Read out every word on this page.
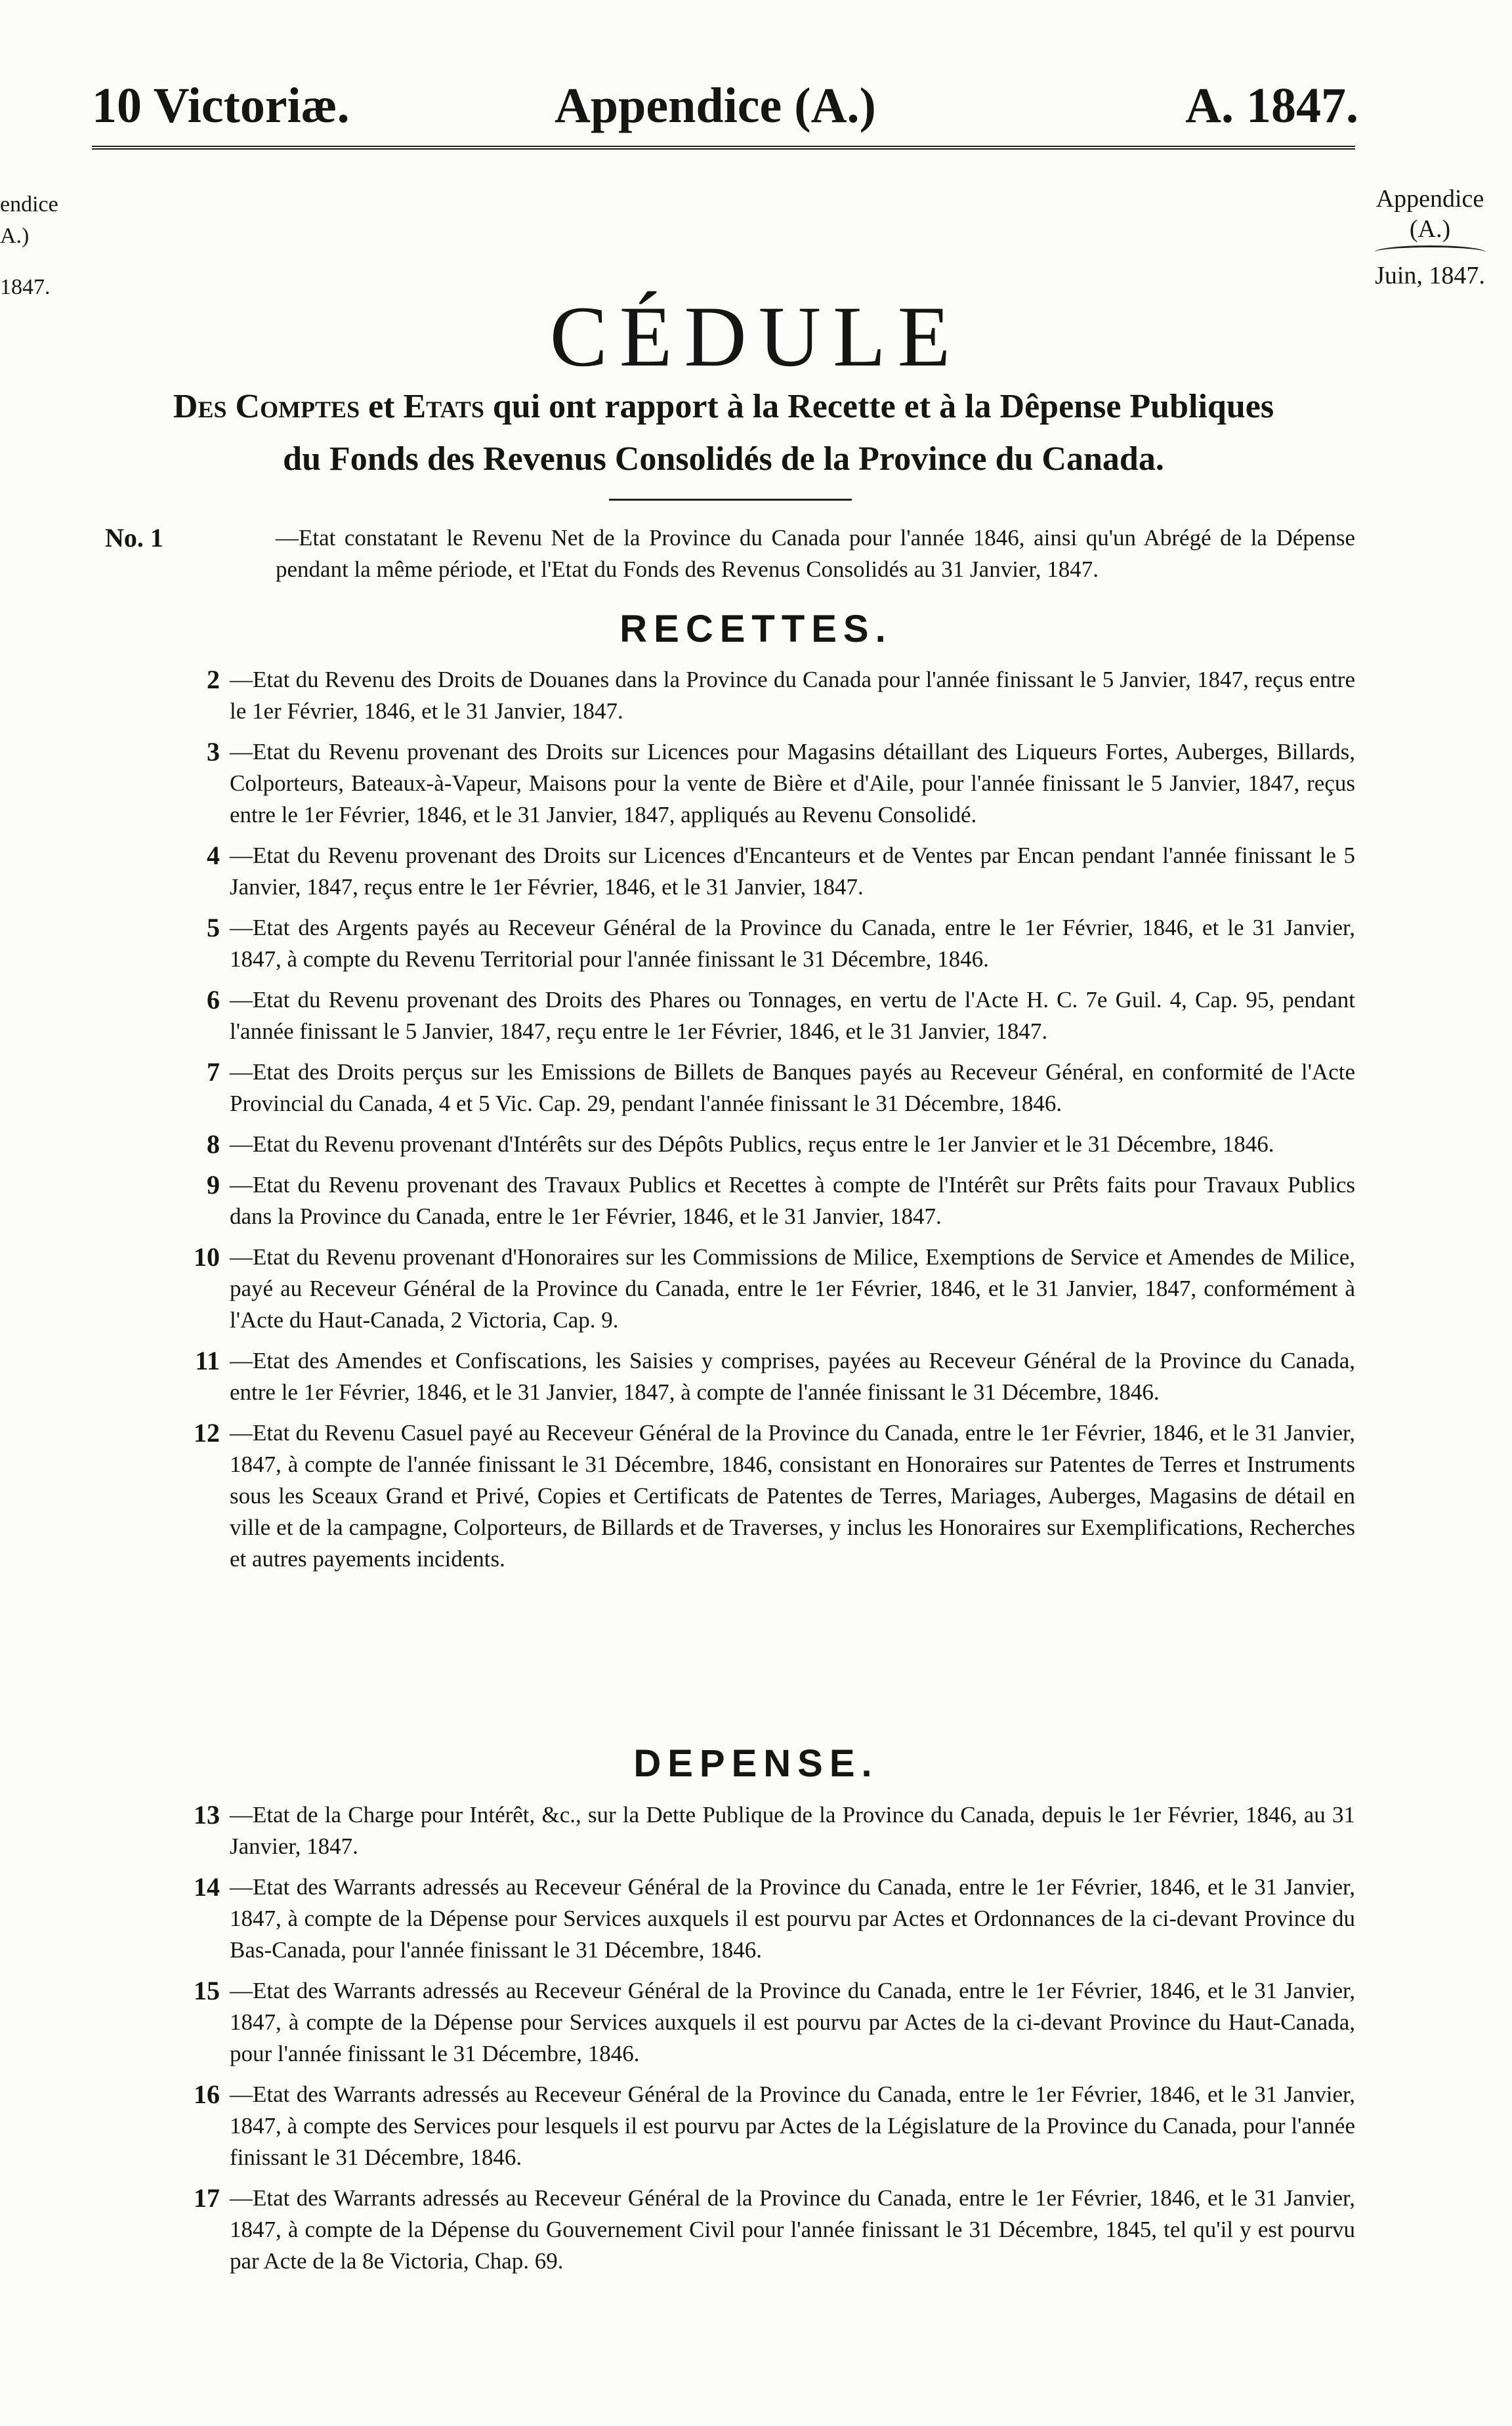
10 Victoriæ.	Appendice (A.)	A. 1847.
endice
A.)
1847.
Appendice
(A.)
Juin, 1847.
CÉDULE
Des Comptes et Etats qui ont rapport à la Recette et à la Dêpense Publiques
du Fonds des Revenus Consolidés de la Province du Canada.
No. 1	—Etat constatant le Revenu Net de la Province du Canada pour l'année 1846, ainsi qu'un Abrégé de la Dépense pendant la même période, et l'Etat du Fonds des Revenus Consolidés au 31 Janvier, 1847.
RECETTES.
2 —Etat du Revenu des Droits de Douanes dans la Province du Canada pour l'année finissant le 5 Janvier, 1847, reçus entre le 1er Février, 1846, et le 31 Janvier, 1847.
3 —Etat du Revenu provenant des Droits sur Licences pour Magasins détaillant des Liqueurs Fortes, Auberges, Billards, Colporteurs, Bateaux-à-Vapeur, Maisons pour la vente de Bière et d'Aile, pour l'année finissant le 5 Janvier, 1847, reçus entre le 1er Février, 1846, et le 31 Janvier, 1847, appliqués au Revenu Consolidé.
4 —Etat du Revenu provenant des Droits sur Licences d'Encanteurs et de Ventes par Encan pendant l'année finissant le 5 Janvier, 1847, reçus entre le 1er Février, 1846, et le 31 Janvier, 1847.
5 —Etat des Argents payés au Receveur Général de la Province du Canada, entre le 1er Février, 1846, et le 31 Janvier, 1847, à compte du Revenu Territorial pour l'année finissant le 31 Décembre, 1846.
6 —Etat du Revenu provenant des Droits des Phares ou Tonnages, en vertu de l'Acte H. C. 7e Guil. 4, Cap. 95, pendant l'année finissant le 5 Janvier, 1847, reçu entre le 1er Février, 1846, et le 31 Janvier, 1847.
7 —Etat des Droits perçus sur les Emissions de Billets de Banques payés au Receveur Général, en conformité de l'Acte Provincial du Canada, 4 et 5 Vic. Cap. 29, pendant l'année finissant le 31 Décembre, 1846.
8 —Etat du Revenu provenant d'Intérêts sur des Dépôts Publics, reçus entre le 1er Janvier et le 31 Décembre, 1846.
9 —Etat du Revenu provenant des Travaux Publics et Recettes à compte de l'Intérêt sur Prêts faits pour Travaux Publics dans la Province du Canada, entre le 1er Février, 1846, et le 31 Janvier, 1847.
10 —Etat du Revenu provenant d'Honoraires sur les Commissions de Milice, Exemptions de Service et Amendes de Milice, payé au Receveur Général de la Province du Canada, entre le 1er Février, 1846, et le 31 Janvier, 1847, conformément à l'Acte du Haut-Canada, 2 Victoria, Cap. 9.
11 —Etat des Amendes et Confiscations, les Saisies y comprises, payées au Receveur Général de la Province du Canada, entre le 1er Février, 1846, et le 31 Janvier, 1847, à compte de l'année finissant le 31 Décembre, 1846.
12 —Etat du Revenu Casuel payé au Receveur Général de la Province du Canada, entre le 1er Février, 1846, et le 31 Janvier, 1847, à compte de l'année finissant le 31 Décembre, 1846, consistant en Honoraires sur Patentes de Terres et Instruments sous les Sceaux Grand et Privé, Copies et Certificats de Patentes de Terres, Mariages, Auberges, Magasins de détail en ville et de la campagne, Colporteurs, de Billards et de Traverses, y inclus les Honoraires sur Exemplifications, Recherches et autres payements incidents.
DEPENSE.
13 —Etat de la Charge pour Intérêt, &c., sur la Dette Publique de la Province du Canada, depuis le 1er Février, 1846, au 31 Janvier, 1847.
14 —Etat des Warrants adressés au Receveur Général de la Province du Canada, entre le 1er Février, 1846, et le 31 Janvier, 1847, à compte de la Dépense pour Services auxquels il est pourvu par Actes et Ordonnances de la ci-devant Province du Bas-Canada, pour l'année finissant le 31 Décembre, 1846.
15 —Etat des Warrants adressés au Receveur Général de la Province du Canada, entre le 1er Février, 1846, et le 31 Janvier, 1847, à compte de la Dépense pour Services auxquels il est pourvu par Actes de la ci-devant Province du Haut-Canada, pour l'année finissant le 31 Décembre, 1846.
16 —Etat des Warrants adressés au Receveur Général de la Province du Canada, entre le 1er Février, 1846, et le 31 Janvier, 1847, à compte des Services pour lesquels il est pourvu par Actes de la Législature de la Province du Canada, pour l'année finissant le 31 Décembre, 1846.
17 —Etat des Warrants adressés au Receveur Général de la Province du Canada, entre le 1er Février, 1846, et le 31 Janvier, 1847, à compte de la Dépense du Gouvernement Civil pour l'année finissant le 31 Décembre, 1845, tel qu'il y est pourvu par Acte de la 8e Victoria, Chap. 69.
